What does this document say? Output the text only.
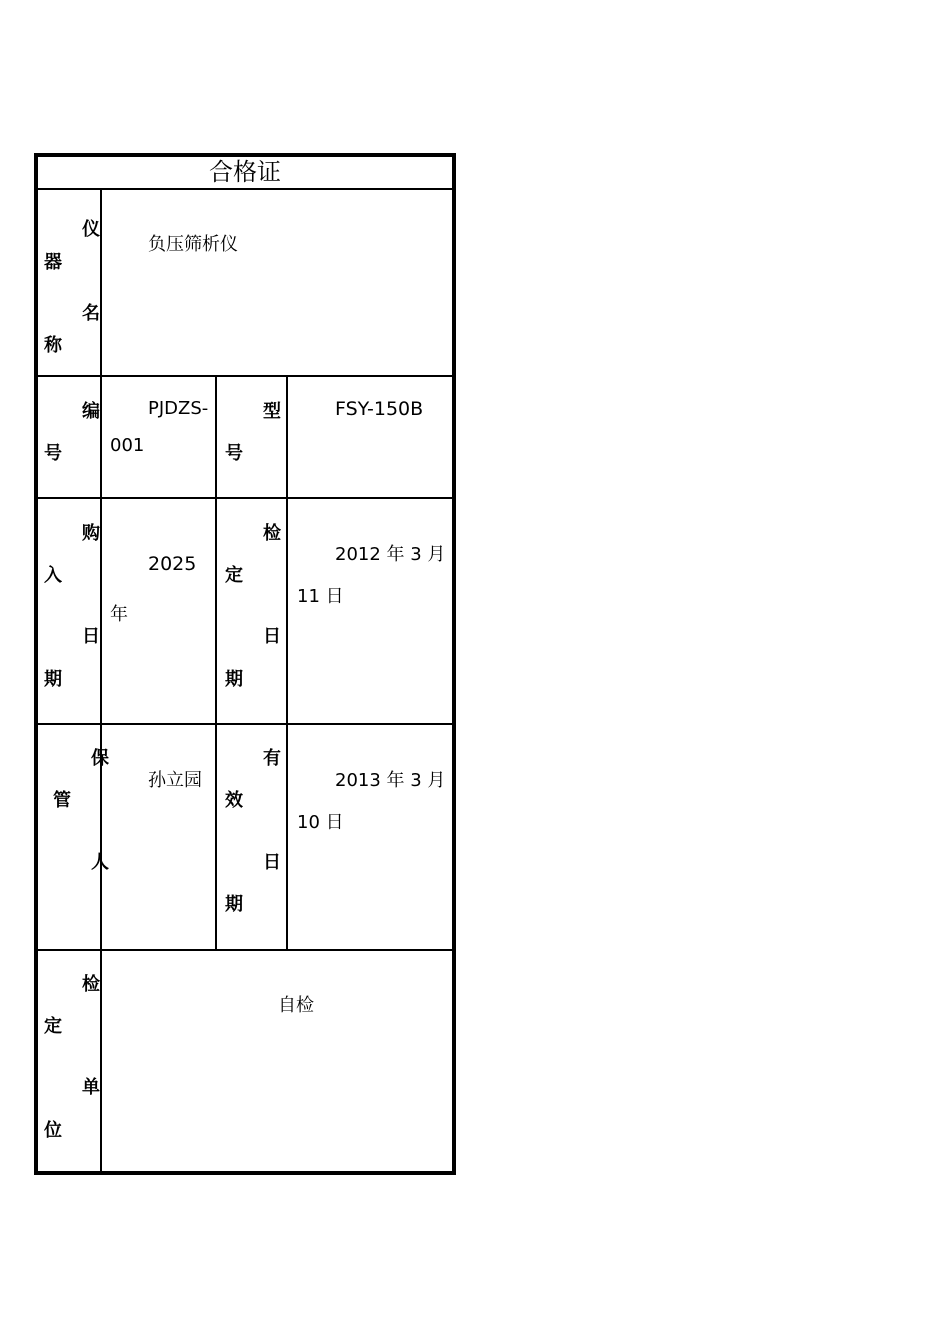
合格证
仪
器
名
称
负压筛析仪
编
号
PJDZS-
001
型
号
FSY-150B
购
入
日
期
2025
年
检
定
日
期
2012 年 3 月
11 日
保
管
人
孙立园
有
效
日
期
2013 年 3 月
10 日
检
定
单
位
自检
